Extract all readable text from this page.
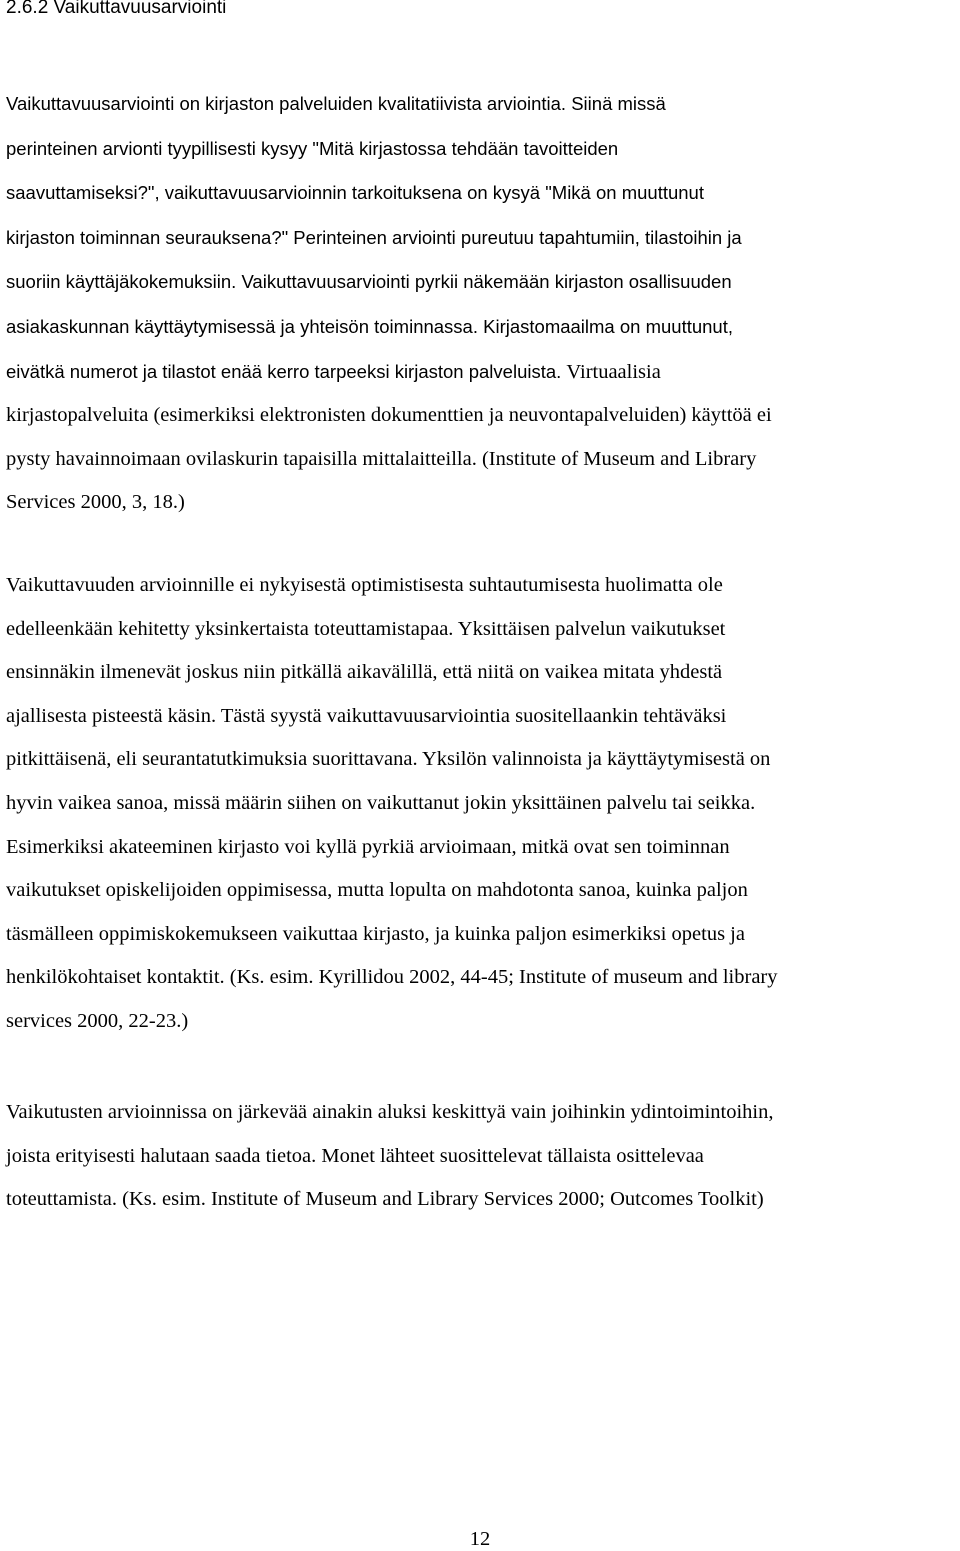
2.6.2 Vaikuttavuusarviointi

Vaikuttavuusarviointi on kirjaston palveluiden kvalitatiivista arviointia. Siinä missä
perinteinen arvionti tyypillisesti kysyy "Mitä kirjastossa tehdään tavoitteiden
saavuttamiseksi?", vaikuttavuusarvioinnin tarkoituksena on kysyä "Mikä on muuttunut
kirjaston toiminnan seurauksena?" Perinteinen arviointi pureutuu tapahtumiin, tilastoihin ja
suoriin käyttäjäkokemuksiin. Vaikuttavuusarviointi pyrkii näkemään kirjaston osallisuuden
asiakaskunnan käyttäytymisessä ja yhteisön toiminnassa. Kirjastomaailma on muuttunut,
eivätkä numerot ja tilastot enää kerro tarpeeksi kirjaston palveluista. Virtuaalisia
kirjastopalveluita (esimerkiksi elektronisten dokumenttien ja neuvontapalveluiden) käyttöä ei
pysty havainnoimaan ovilaskurin tapaisilla mittalaitteilla. (Institute of Museum and Library
Services 2000, 3, 18.)

Vaikuttavuuden arvioinnille ei nykyisestä optimistisesta suhtautumisesta huolimatta ole
edelleenkään kehitetty yksinkertaista toteuttamistapaa. Yksittäisen palvelun vaikutukset
ensinnäkin ilmenevät joskus niin pitkällä aikavälillä, että niitä on vaikea mitata yhdestä
ajallisesta pisteestä käsin. Tästä syystä vaikuttavuusarviointia suositellaankin tehtäväksi
pitkittäisenä, eli seurantatutkimuksia suorittavana. Yksilön valinnoista ja käyttäytymisestä on
hyvin vaikea sanoa, missä määrin siihen on vaikuttanut jokin yksittäinen palvelu tai seikka.
Esimerkiksi akateeminen kirjasto voi kyllä pyrkiä arvioimaan, mitkä ovat sen toiminnan
vaikutukset opiskelijoiden oppimisessa, mutta lopulta on mahdotonta sanoa, kuinka paljon
täsmälleen oppimiskokemukseen vaikuttaa kirjasto, ja kuinka paljon esimerkiksi opetus ja
henkilökohtaiset kontaktit. (Ks. esim. Kyrillidou 2002, 44-45; Institute of museum and library
services 2000, 22-23.)

Vaikutusten arvioinnissa on järkevää ainakin aluksi keskittyä vain joihinkin ydintoimintoihin,
joista erityisesti halutaan saada tietoa. Monet lähteet suosittelevat tällaista osittelevaa
toteuttamista. (Ks. esim. Institute of Museum and Library Services 2000; Outcomes Toolkit)

12
